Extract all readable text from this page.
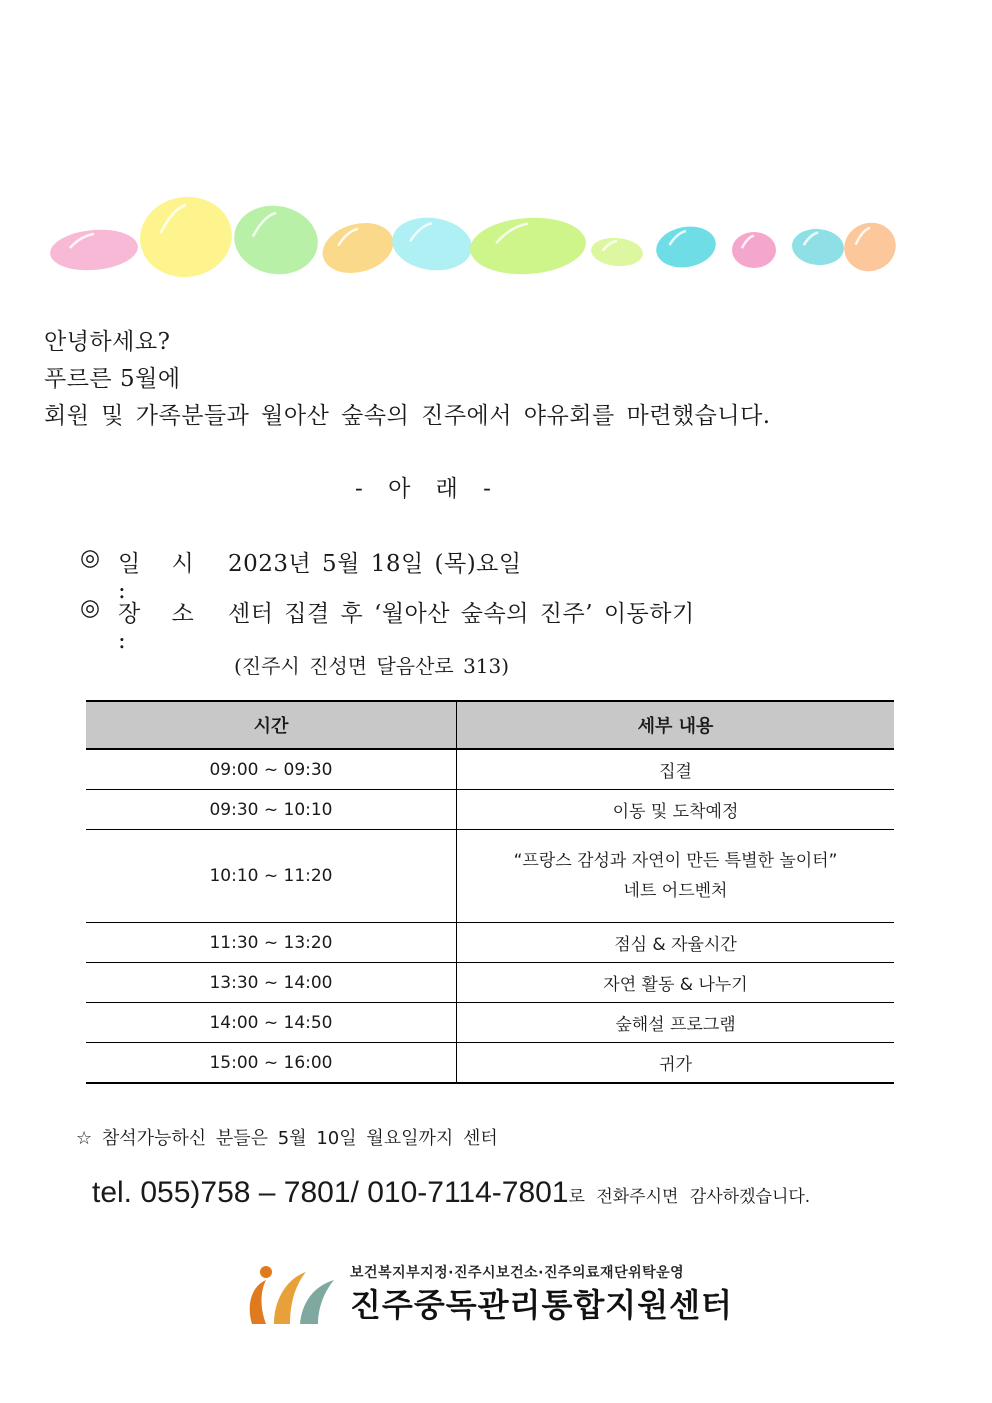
안녕하세요?
푸르른 5월에
회원 및 가족분들과 월아산 숲속의 진주에서 야유회를 마련했습니다.
- 아 래 -
◎ 일 시 :
2023년 5월 18일 (목)요일
◎ 장 소 :
센터 집결 후 ‘월아산 숲속의 진주’ 이동하기
(진주시 진성면 달음산로 313)
시간	세부 내용
09:00 ~ 09:30	집결
09:30 ~ 10:10	이동 및 도착예정
10:10 ~ 11:20	“프랑스 감성과 자연이 만든 특별한 놀이터”
네트 어드벤처

11:30 ~ 13:20	점심 & 자율시간
13:30 ~ 14:00	자연 활동 & 나누기
14:00 ~ 14:50	숲해설 프로그램
15:00 ~ 16:00	귀가
☆ 참석가능하신 분들은 5월 10일 월요일까지 센터
tel. 055)758 – 7801/ 010-7114-7801로 전화주시면 감사하겠습니다.
보건복지부지정·진주시보건소·진주의료재단위탁운영
진주중독관리통합지원센터
